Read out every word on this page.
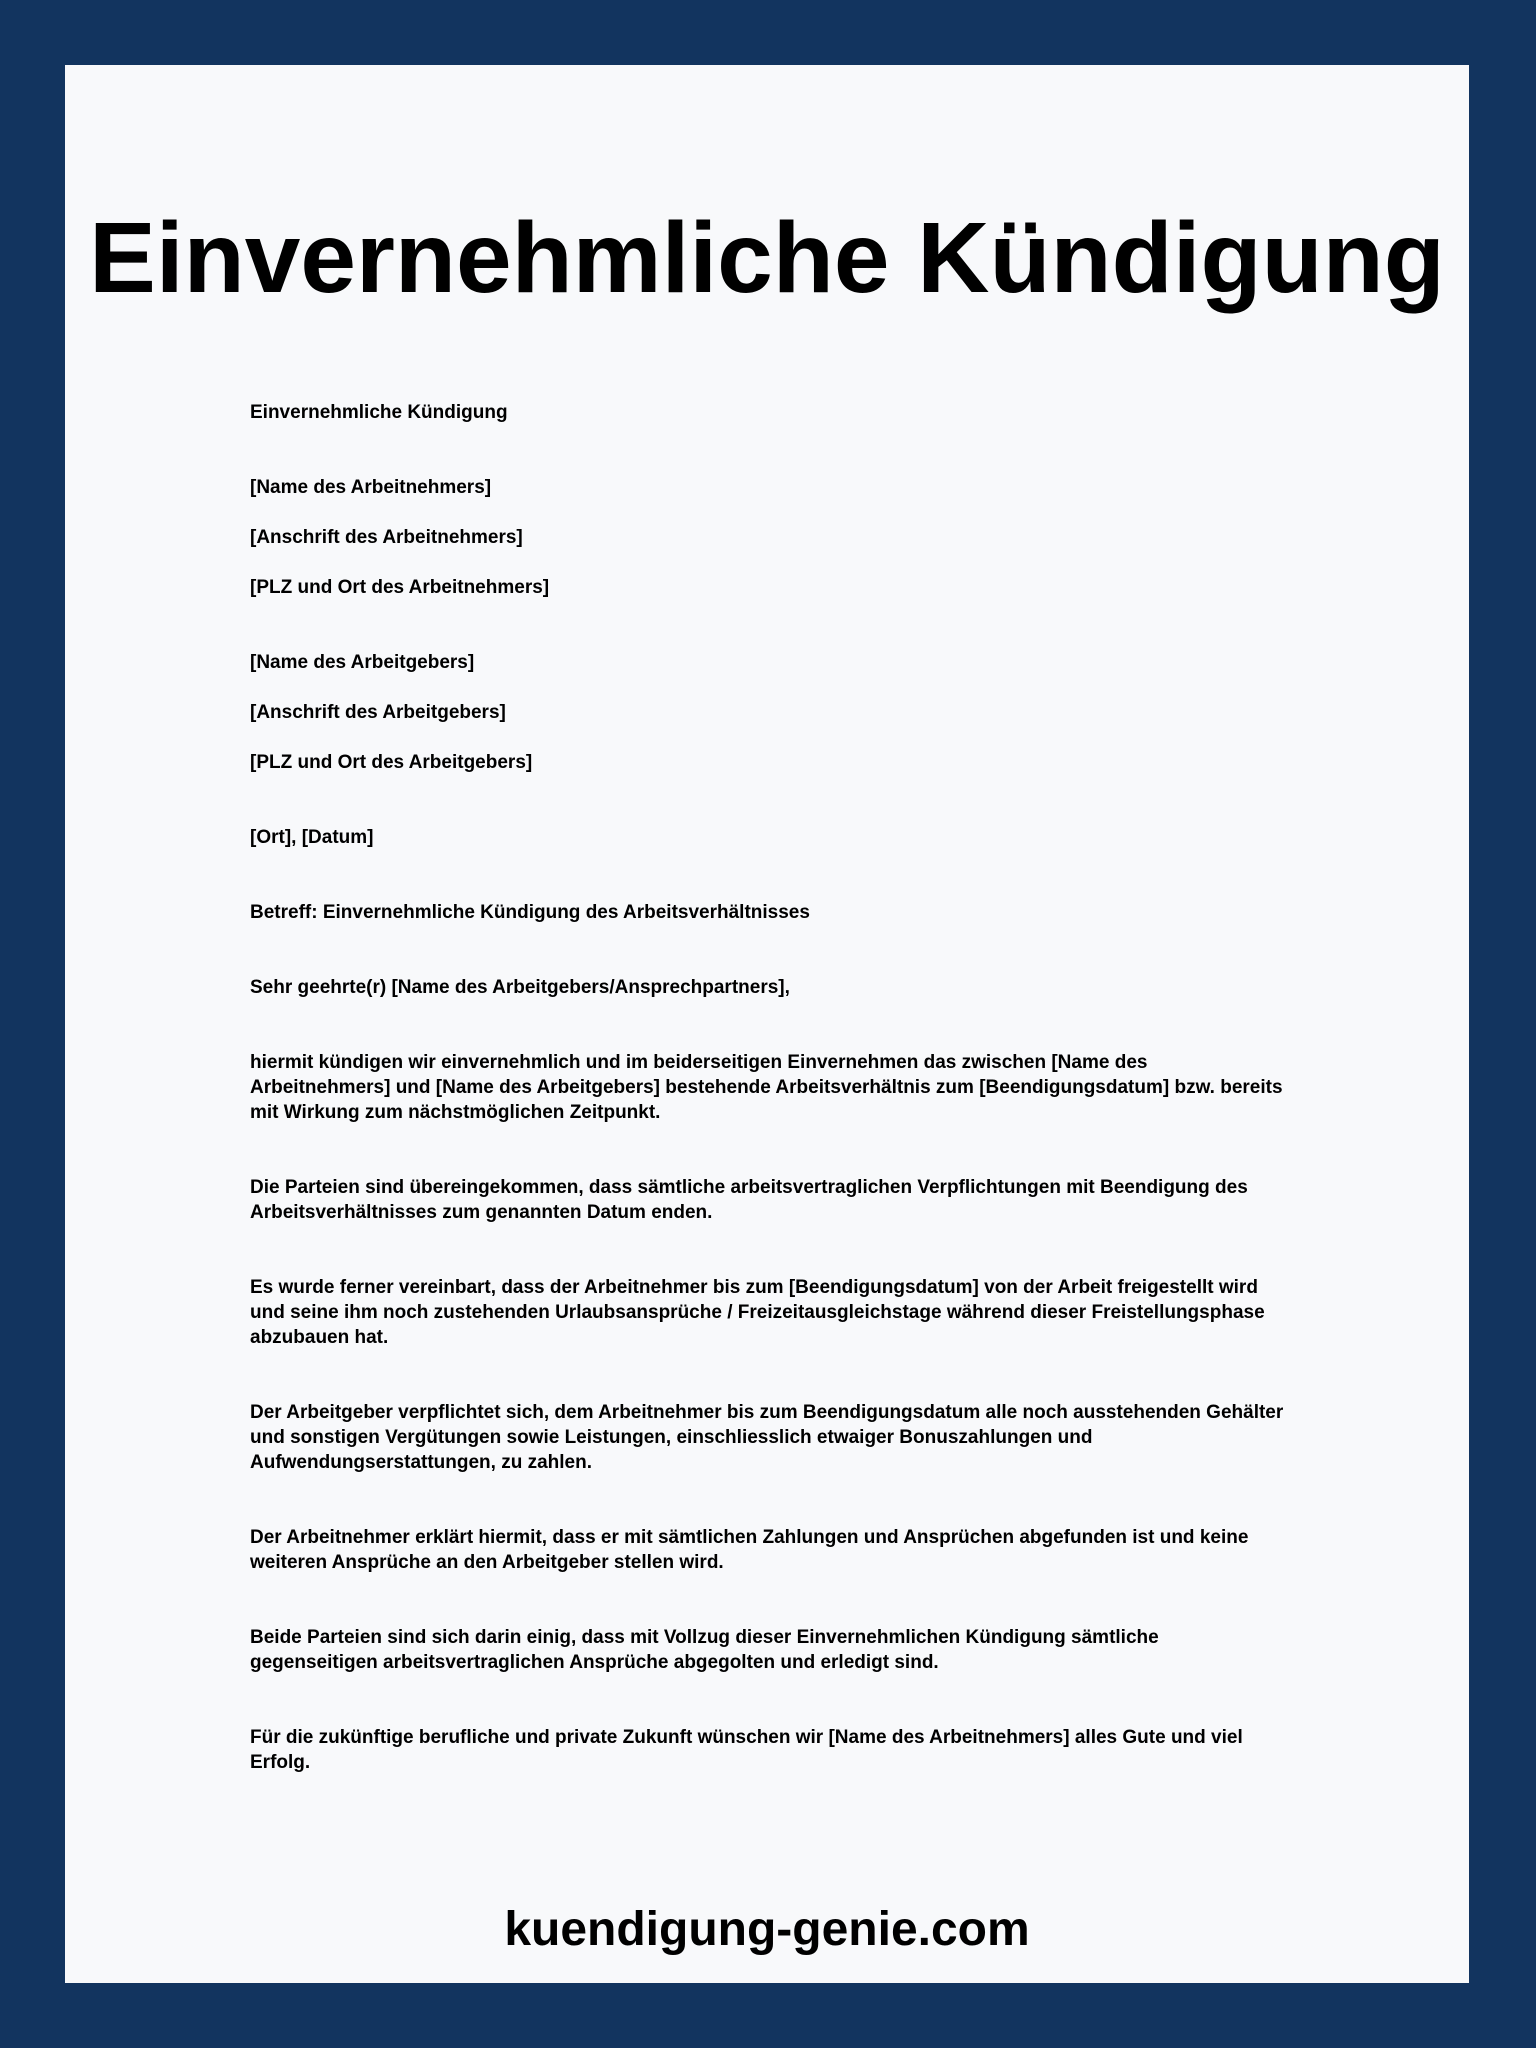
Einvernehmliche Kündigung

Einvernehmliche Kündigung

[Name des Arbeitnehmers]

[Anschrift des Arbeitnehmers]

[PLZ und Ort des Arbeitnehmers]

[Name des Arbeitgebers]

[Anschrift des Arbeitgebers]

[PLZ und Ort des Arbeitgebers]

[Ort], [Datum]

Betreff: Einvernehmliche Kündigung des Arbeitsverhältnisses

Sehr geehrte(r) [Name des Arbeitgebers/Ansprechpartners],

hiermit kündigen wir einvernehmlich und im beiderseitigen Einvernehmen das zwischen [Name des Arbeitnehmers] und [Name des Arbeitgebers] bestehende Arbeitsverhältnis zum [Beendigungsdatum] bzw. bereits mit Wirkung zum nächstmöglichen Zeitpunkt.

Die Parteien sind übereingekommen, dass sämtliche arbeitsvertraglichen Verpflichtungen mit Beendigung des Arbeitsverhältnisses zum genannten Datum enden.

Es wurde ferner vereinbart, dass der Arbeitnehmer bis zum [Beendigungsdatum] von der Arbeit freigestellt wird und seine ihm noch zustehenden Urlaubsansprüche / Freizeitausgleichstage während dieser Freistellungsphase abzubauen hat.

Der Arbeitgeber verpflichtet sich, dem Arbeitnehmer bis zum Beendigungsdatum alle noch ausstehenden Gehälter und sonstigen Vergütungen sowie Leistungen, einschliesslich etwaiger Bonuszahlungen und Aufwendungserstattungen, zu zahlen.

Der Arbeitnehmer erklärt hiermit, dass er mit sämtlichen Zahlungen und Ansprüchen abgefunden ist und keine weiteren Ansprüche an den Arbeitgeber stellen wird.

Beide Parteien sind sich darin einig, dass mit Vollzug dieser Einvernehmlichen Kündigung sämtliche gegenseitigen arbeitsvertraglichen Ansprüche abgegolten und erledigt sind.

Für die zukünftige berufliche und private Zukunft wünschen wir [Name des Arbeitnehmers] alles Gute und viel Erfolg.

kuendigung-genie.com
